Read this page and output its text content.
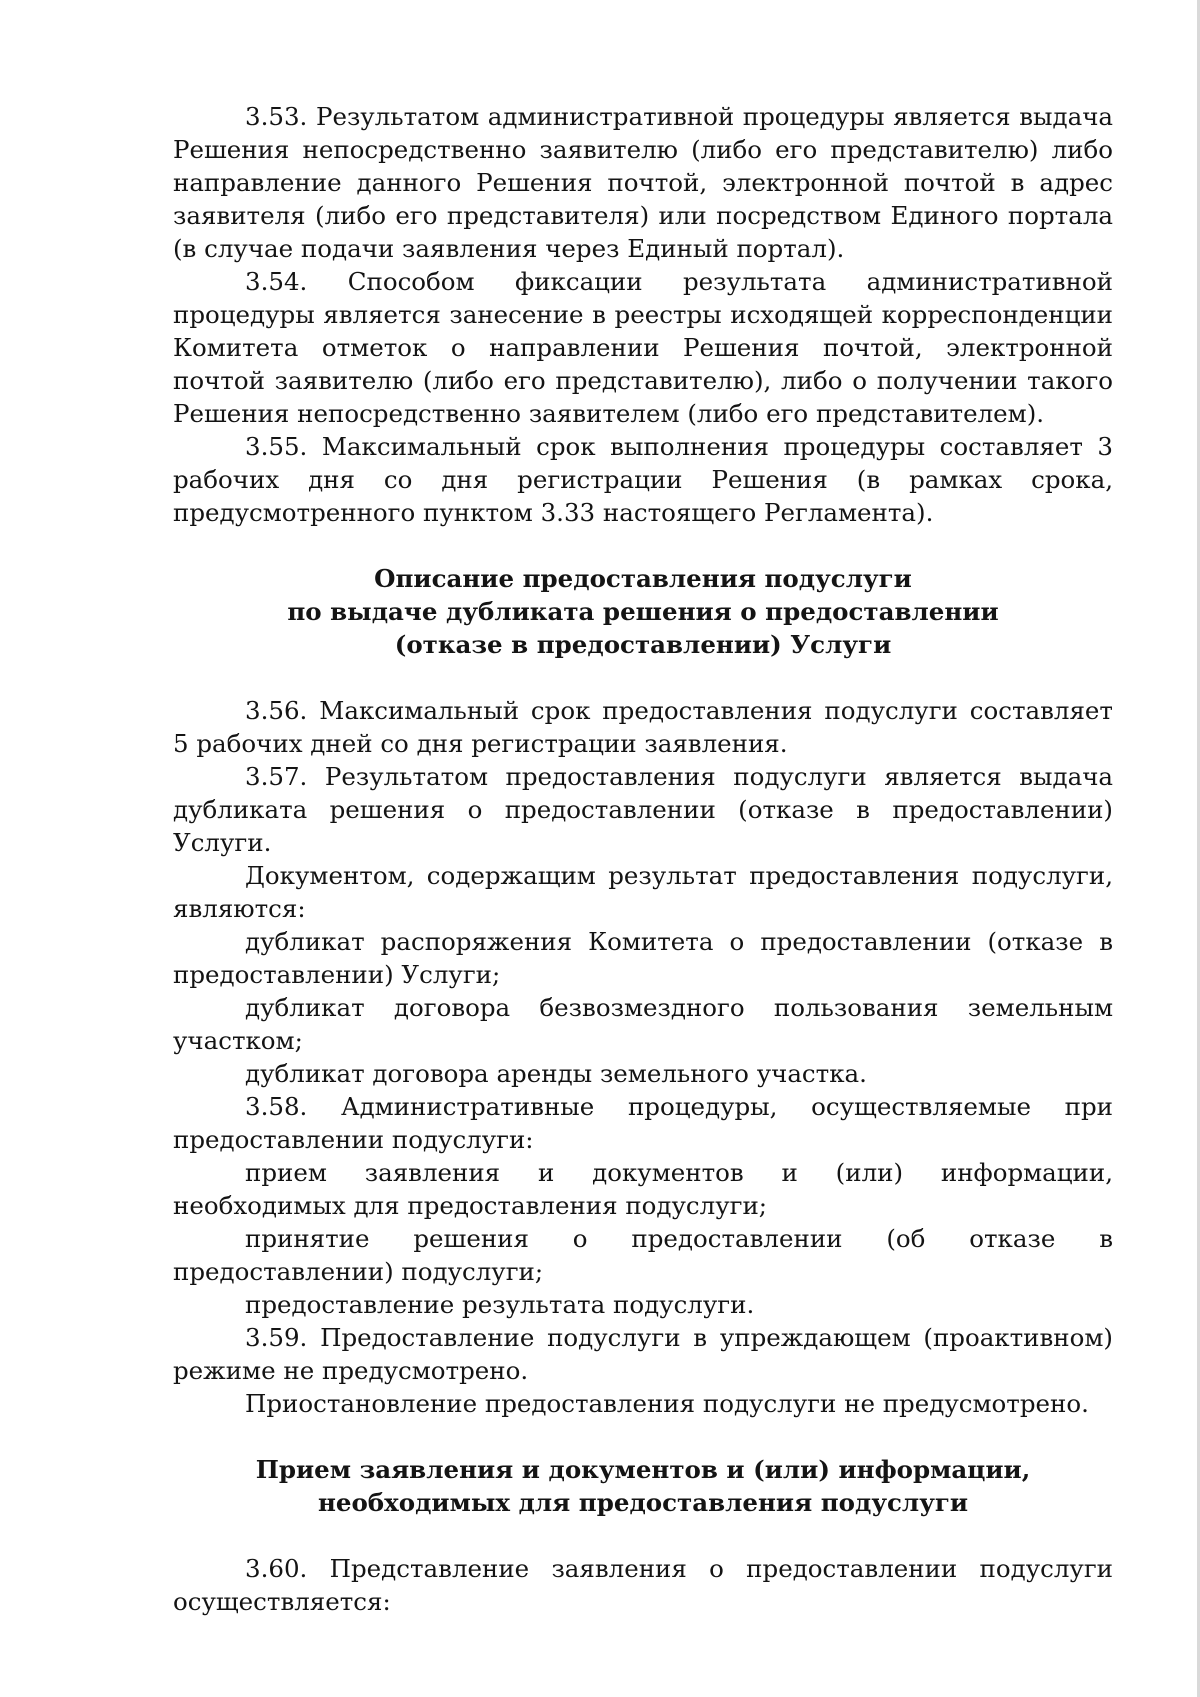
3.53. Результатом административной процедуры является выдача Решения непосредственно заявителю (либо его представителю) либо направление данного Решения почтой, электронной почтой в адрес заявителя (либо его представителя) или посредством Единого портала (в случае подачи заявления через Единый портал).

3.54. Способом фиксации результата административной процедуры является занесение в реестры исходящей корреспонденции Комитета отметок о направлении Решения почтой, электронной почтой заявителю (либо его представителю), либо о получении такого Решения непосредственно заявителем (либо его представителем).

3.55. Максимальный срок выполнения процедуры составляет 3 рабочих дня со дня регистрации Решения (в рамках срока, предусмотренного пунктом 3.33 настоящего Регламента).

Описание предоставления подуслуги
по выдаче дубликата решения о предоставлении
(отказе в предоставлении) Услуги

3.56. Максимальный срок предоставления подуслуги составляет 5 рабочих дней со дня регистрации заявления.

3.57. Результатом предоставления подуслуги является выдача дубликата решения о предоставлении (отказе в предоставлении) Услуги.

Документом, содержащим результат предоставления подуслуги, являются:

дубликат распоряжения Комитета о предоставлении (отказе в предоставлении) Услуги;

дубликат договора безвозмездного пользования земельным участком;

дубликат договора аренды земельного участка.

3.58. Административные процедуры, осуществляемые при предоставлении подуслуги:

прием заявления и документов и (или) информации, необходимых для предоставления подуслуги;

принятие решения о предоставлении (об отказе в предоставлении) подуслуги;

предоставление результата подуслуги.

3.59. Предоставление подуслуги в упреждающем (проактивном) режиме не предусмотрено.

Приостановление предоставления подуслуги не предусмотрено.

Прием заявления и документов и (или) информации,
необходимых для предоставления подуслуги

3.60. Представление заявления о предоставлении подуслуги осуществляется:
